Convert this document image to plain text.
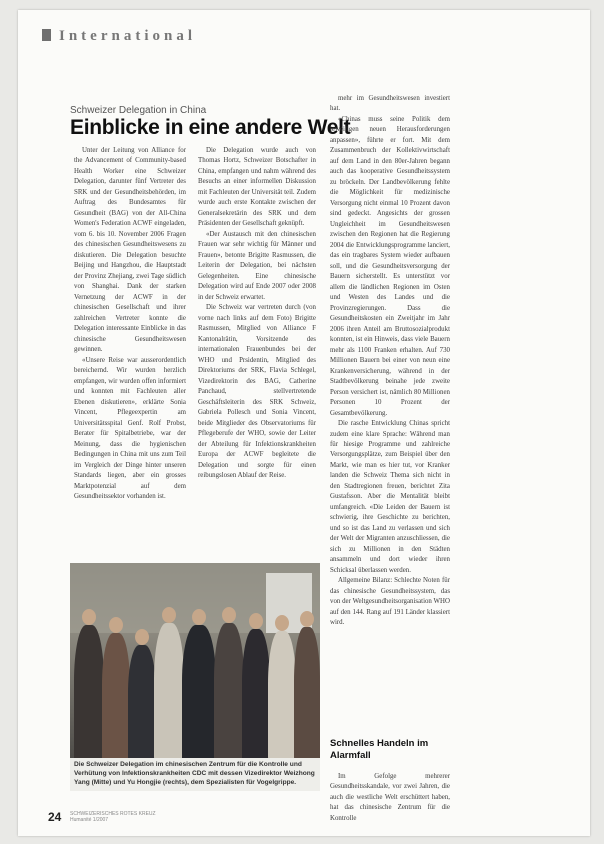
International
Schweizer Delegation in China
Einblicke in eine andere Welt

Unter der Leitung von Alliance for the Advancement of Community-based Health Worker eine Schweizer Delegation, darunter fünf Vertreter des SRK und der Gesundheitsbehörden, im Auftrag des Bundesamtes für Gesundheit (BAG) von der All-China Women's Federation ACWF eingeladen, vom 6. bis 10. November 2006 Fragen des chinesischen Gesundheitswesens zu diskutieren. Die Delegation besuchte Beijing und Hangzhou, die Hauptstadt der Provinz Zhejiang, zwei Tage südlich von Shanghai. Dank der starken Vernetzung der ACWF in der chinesischen Gesellschaft und ihrer zahlreichen Vertreter konnte die Delegation interessante Einblicke in das chinesische Gesundheitswesen gewinnen.

«Unsere Reise war ausserordentlich bereichernd. Wir wurden herzlich empfangen, wir wurden offen informiert und konnten mit Fachleuten aller Ebenen diskutieren», erklärte Sonia Vincent, Pflegeexpertin am Universitätsspital Genf. Rolf Probst, Berater für Spitalbetriebe, war der Meinung, dass die hygienischen Bedingungen in China mit uns zum Teil im Vergleich der Dinge hinter unseren Standards liegen, aber ein grosses Marktpotenzial auf dem Gesundheitssektor vorhanden ist.

Die Delegation wurde auch von Thomas Hortz, Schweizer Botschafter in China, empfangen und nahm während des Besuchs an einer informellen Diskussion mit Fachleuten der Universität teil. Zudem wurde auch erste Kontakte zwischen der Generalsekretärin des SRK und dem Präsidenten der Gesellschaft geknüpft.

«Der Austausch mit den chinesischen Frauen war sehr wichtig für Männer und Frauen», betonte Brigitte Rasmussen, die Leiterin der Delegation, bei nächsten Gelegenheiten. Eine chinesische Delegation wird auf Ende 2007 oder 2008 in der Schweiz erwartet.

Die Schweiz war vertreten durch (von vorne nach links auf dem Foto) Brigitte Rasmussen, Mitglied von Alliance F Kantonalrätin, Vorsitzende des internationalen Frauenbundes bei der WHO und Prsidentin, Mitglied des Direktoriums der SRK, Flavia Schlegel, Vizedirektorin des BAG, Catherine Panchaud, stellvertretende Geschäftsleiterin des SRK Schweiz, Gabriela Pollesch und Sonia Vincent, beide Mitglieder des Observatoriums für Pflegeberufe der WHO, sowie der Leiter der Abteilung für Infektionskrankheiten Europa der ACWF begleitete die Delegation und sorgte für einen reibungslosen Ablauf der Reise.

mehr im Gesundheitswesen investiert hat.

«Chinas muss seine Politik dem jeweiligen neuen Herausforderungen anpassen», führte er fort. Mit dem Zusammenbruch der Kollektivwirtschaft auf dem Land in den 80er-Jahren begann auch das kooperative Gesundheitssystem zu bröckeln. Der Landbevölkerung fehlte die Möglichkeit für medizinische Versorgung nicht einmal 10 Prozent davon sind gedeckt. Angesichts der grossen Ungleichheit im Gesundheitswesen zwischen den Regionen hat die Regierung 2004 die Entwicklungsprogramme lanciert, das ein tragbares System wieder aufbauen soll, und die Gesundheitsversorgung der Bauern sicherstellt. Es unterstützt vor allem die ländlichen Regionen im Osten und Westen des Landes und die Provinzregierungen. Dass die Gesundheitskosten ein Zweitjahr im Jahr 2006 ihren Anteil am Bruttosozialprodukt konnten, ist ein Hinweis, dass viele Bauern mehr als 1100 Franken erhalten. Auf 730 Millionen Bauern bei einer von neun eine Krankenversicherung, während in der Stadtbevölkerung beinahe jede zweite Person versichert ist, nämlich 80 Millionen Personen 10 Prozent der Gesamtbevölkerung.

Die rasche Entwicklung Chinas spricht zudem eine klare Sprache: Während man für hiesige Programme und zahlreiche Versorgungsplätze, zum Beispiel über den Markt, wie man es hier tut, vor Kranker landen die Schweiz Thema sich nicht in den Stadtregionen freuen, berichtet Zita Gustafsson. Aber die Mentalität bleibt umfangreich. «Die Leiden der Bauern ist schwierig, ihre Geschichte zu berichten, und so ist das Land zu verlassen und sich der Welt der Migranten anzuschliessen, die sich zu Millionen in den Städten ansammeln und dort wieder ihren Schicksal überlassen werden.

Allgemeine Bilanz: Schlechte Noten für das chinesische Gesundheitssystem, das von der Weltgesundheitsorganisation WHO auf den 144. Rang auf 191 Länder klassiert wird.

Schnelles Handeln im Alarmfall

Im Gefolge mehrerer Gesundheitsskandale, vor zwei Jahren, die auch die westliche Welt erschüttert haben, hat das chinesische Zentrum für die Kontrolle

Die Schweizer Delegation im chinesischen Zentrum für die Kontrolle und Verhütung von Infektionskrankheiten CDC mit dessen Vizedirektor Weizhong Yang (Mitte) und Yu Hongjie (rechts), dem Spezialisten für Vogelgrippe.
24 SCHWEIZERISCHES ROTES KREUZ
Humanité 1/2007
